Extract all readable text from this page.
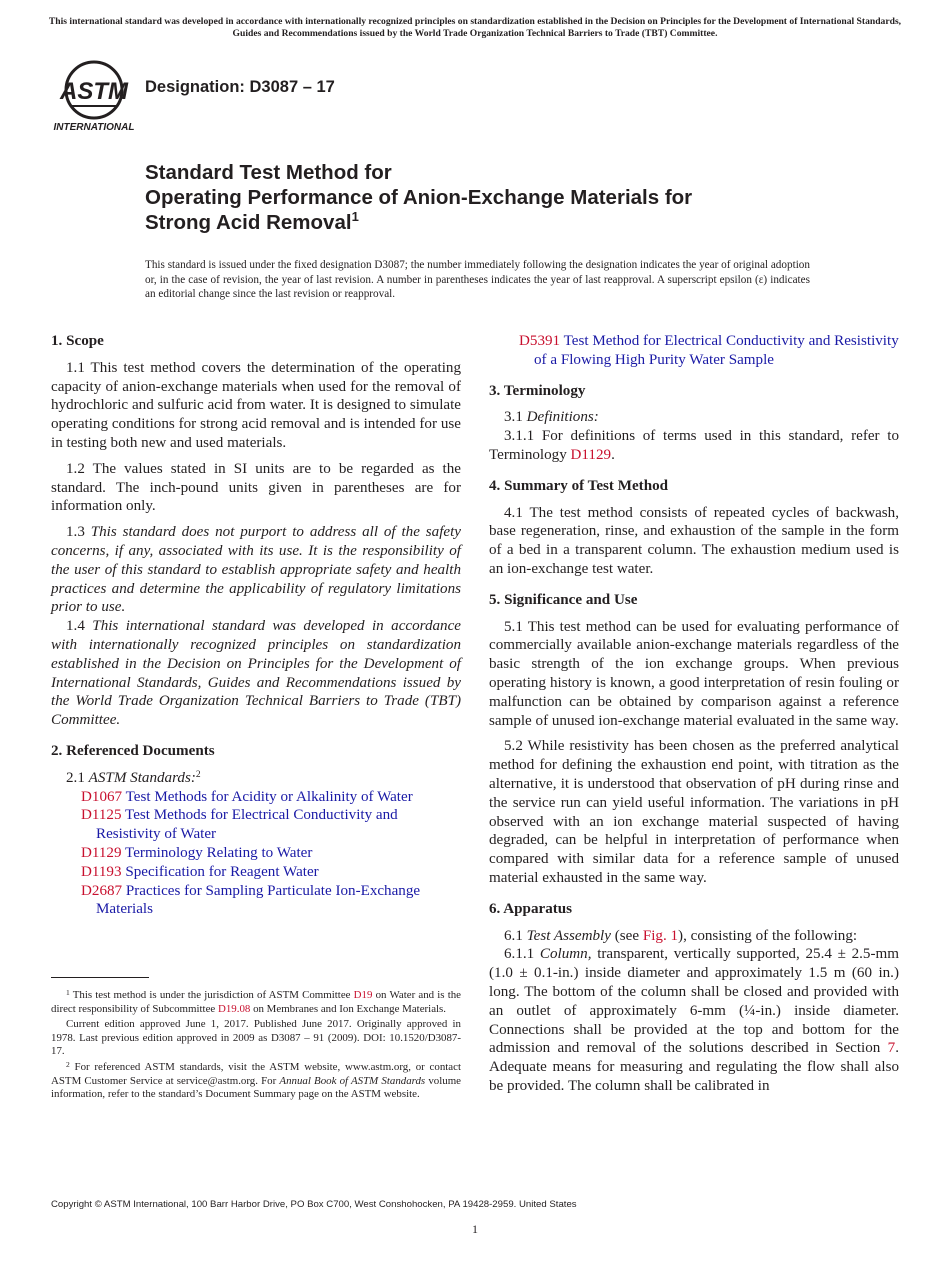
This international standard was developed in accordance with internationally recognized principles on standardization established in the Decision on Principles for the Development of International Standards, Guides and Recommendations issued by the World Trade Organization Technical Barriers to Trade (TBT) Committee.
ASTM
INTERNATIONAL
Designation: D3087 – 17
Standard Test Method for
Operating Performance of Anion-Exchange Materials for
Strong Acid Removal$^1$
This standard is issued under the fixed designation D3087; the number immediately following the designation indicates the year of original adoption or, in the case of revision, the year of last revision. A number in parentheses indicates the year of last reapproval. A superscript epsilon (ε) indicates an editorial change since the last revision or reapproval.
1. Scope

1.1 This test method covers the determination of the operating capacity of anion-exchange materials when used for the removal of hydrochloric and sulfuric acid from water. It is designed to simulate operating conditions for strong acid removal and is intended for use in testing both new and used materials.

1.2 The values stated in SI units are to be regarded as the standard. The inch-pound units given in parentheses are for information only.

1.3 This standard does not purport to address all of the safety concerns, if any, associated with its use. It is the responsibility of the user of this standard to establish appropriate safety and health practices and determine the applicability of regulatory limitations prior to use.

1.4 This international standard was developed in accordance with internationally recognized principles on standardization established in the Decision on Principles for the Development of International Standards, Guides and Recommendations issued by the World Trade Organization Technical Barriers to Trade (TBT) Committee.

2. Referenced Documents

2.1 ASTM Standards:$^2$

D1067 Test Methods for Acidity or Alkalinity of Water

D1125 Test Methods for Electrical Conductivity and Resistivity of Water

D1129 Terminology Relating to Water

D1193 Specification for Reagent Water

D2687 Practices for Sampling Particulate Ion-Exchange Materials

$^1$ This test method is under the jurisdiction of ASTM Committee D19 on Water and is the direct responsibility of Subcommittee D19.08 on Membranes and Ion Exchange Materials.

Current edition approved June 1, 2017. Published June 2017. Originally approved in 1978. Last previous edition approved in 2009 as D3087 – 91 (2009). DOI: 10.1520/D3087-17.

$^2$ For referenced ASTM standards, visit the ASTM website, www.astm.org, or contact ASTM Customer Service at service@astm.org. For Annual Book of ASTM Standards volume information, refer to the standard’s Document Summary page on the ASTM website.

D5391 Test Method for Electrical Conductivity and Resistivity of a Flowing High Purity Water Sample

3. Terminology

3.1 Definitions:

3.1.1 For definitions of terms used in this standard, refer to Terminology D1129.

4. Summary of Test Method

4.1 The test method consists of repeated cycles of backwash, base regeneration, rinse, and exhaustion of the sample in the form of a bed in a transparent column. The exhaustion medium used is an ion-exchange test water.

5. Significance and Use

5.1 This test method can be used for evaluating performance of commercially available anion-exchange materials regardless of the basic strength of the ion exchange groups. When previous operating history is known, a good interpretation of resin fouling or malfunction can be obtained by comparison against a reference sample of unused ion-exchange material evaluated in the same way.

5.2 While resistivity has been chosen as the preferred analytical method for defining the exhaustion end point, with titration as the alternative, it is understood that observation of pH during rinse and the service run can yield useful information. The variations in pH observed with an ion exchange material suspected of having degraded, can be helpful in interpretation of performance when compared with similar data for a reference sample of unused material exhausted in the same way.

6. Apparatus

6.1 Test Assembly (see Fig. 1), consisting of the following:

6.1.1 Column, transparent, vertically supported, 25.4 ± 2.5-mm (1.0 ± 0.1-in.) inside diameter and approximately 1.5 m (60 in.) long. The bottom of the column shall be closed and provided with an outlet of approximately 6-mm (¼-in.) inside diameter. Connections shall be provided at the top and bottom for the admission and removal of the solutions described in Section 7. Adequate means for measuring and regulating the flow shall also be provided. The column shall be calibrated in

Copyright © ASTM International, 100 Barr Harbor Drive, PO Box C700, West Conshohocken, PA 19428-2959. United States
1
